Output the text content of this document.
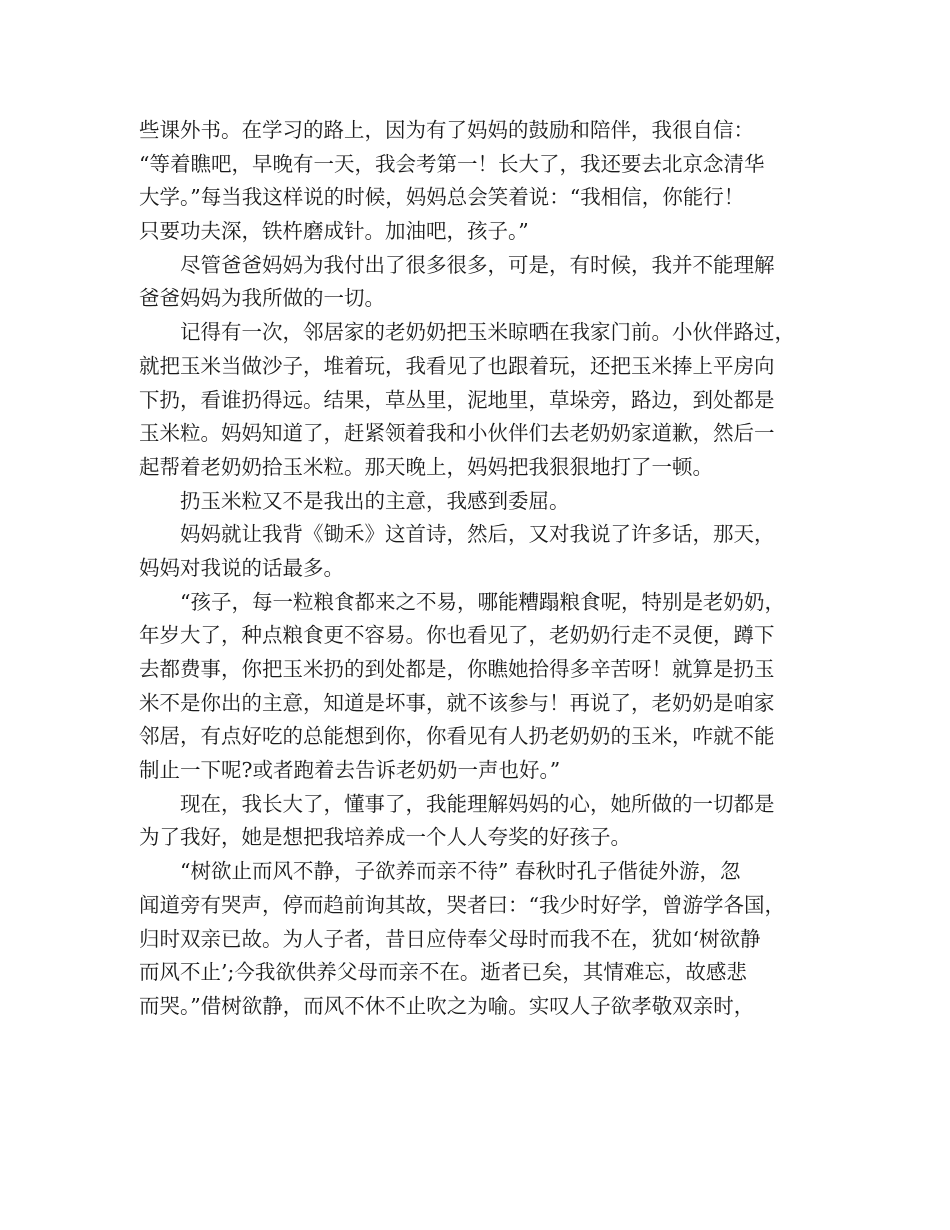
些课外书。在学习的路上，因为有了妈妈的鼓励和陪伴，我很自信：
“等着瞧吧，早晚有一天，我会考第一！长大了，我还要去北京念清华
大学。”每当我这样说的时候，妈妈总会笑着说：“我相信，你能行！
只要功夫深，铁杵磨成针。加油吧，孩子。”
　　尽管爸爸妈妈为我付出了很多很多，可是，有时候，我并不能理解
爸爸妈妈为我所做的一切。
　　记得有一次，邻居家的老奶奶把玉米晾晒在我家门前。小伙伴路过，
就把玉米当做沙子，堆着玩，我看见了也跟着玩，还把玉米捧上平房向
下扔，看谁扔得远。结果，草丛里，泥地里，草垛旁，路边，到处都是
玉米粒。妈妈知道了，赶紧领着我和小伙伴们去老奶奶家道歉，然后一
起帮着老奶奶拾玉米粒。那天晚上，妈妈把我狠狠地打了一顿。
　　扔玉米粒又不是我出的主意，我感到委屈。
　　妈妈就让我背《锄禾》这首诗，然后，又对我说了许多话，那天，
妈妈对我说的话最多。
　　“孩子，每一粒粮食都来之不易，哪能糟蹋粮食呢，特别是老奶奶，
年岁大了，种点粮食更不容易。你也看见了，老奶奶行走不灵便，蹲下
去都费事，你把玉米扔的到处都是，你瞧她拾得多辛苦呀！就算是扔玉
米不是你出的主意，知道是坏事，就不该参与！再说了，老奶奶是咱家
邻居，有点好吃的总能想到你，你看见有人扔老奶奶的玉米，咋就不能
制止一下呢?或者跑着去告诉老奶奶一声也好。”
　　现在，我长大了，懂事了，我能理解妈妈的心，她所做的一切都是
为了我好，她是想把我培养成一个人人夸奖的好孩子。
　　“树欲止而风不静，子欲养而亲不待” 春秋时孔子偕徒外游，忽
闻道旁有哭声，停而趋前询其故，哭者曰：“我少时好学，曾游学各国，
归时双亲已故。为人子者，昔日应侍奉父母时而我不在，犹如‘树欲静
而风不止’;今我欲供养父母而亲不在。逝者已矣，其情难忘，故感悲
而哭。”借树欲静，而风不休不止吹之为喻。实叹人子欲孝敬双亲时，
